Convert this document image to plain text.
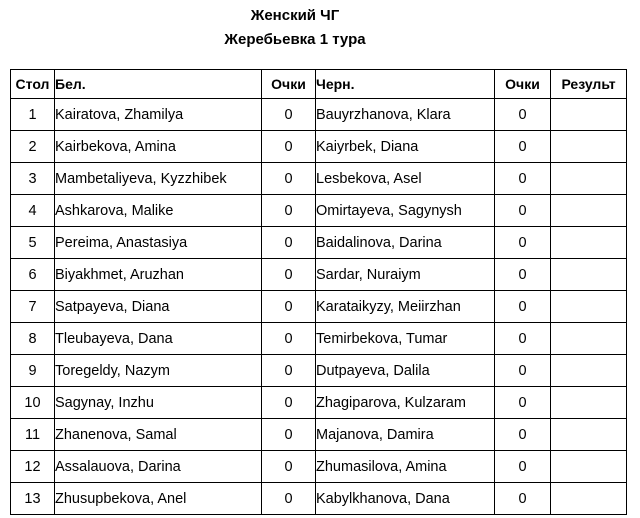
Женский ЧГ
Жеребьевка 1 тура
Стол	Бел.	Очки	Черн.	Очки	Результ
1	Kairatova, Zhamilya	0	Bauyrzhanova, Klara	0	
2	Kairbekova, Amina	0	Kaiyrbek, Diana	0	
3	Mambetaliyeva, Kyzzhibek	0	Lesbekova, Asel	0	
4	Ashkarova, Malike	0	Omirtayeva, Sagynysh	0	
5	Pereima, Anastasiya	0	Baidalinova, Darina	0	
6	Biyakhmet, Aruzhan	0	Sardar, Nuraiym	0	
7	Satpayeva, Diana	0	Karataikyzy, Meiirzhan	0	
8	Tleubayeva, Dana	0	Temirbekova, Tumar	0	
9	Toregeldy, Nazym	0	Dutpayeva, Dalila	0	
10	Sagynay, Inzhu	0	Zhagiparova, Kulzaram	0	
11	Zhanenova, Samal	0	Majanova, Damira	0	
12	Assalauova, Darina	0	Zhumasilova, Amina	0	
13	Zhusupbekova, Anel	0	Kabylkhanova, Dana	0	
